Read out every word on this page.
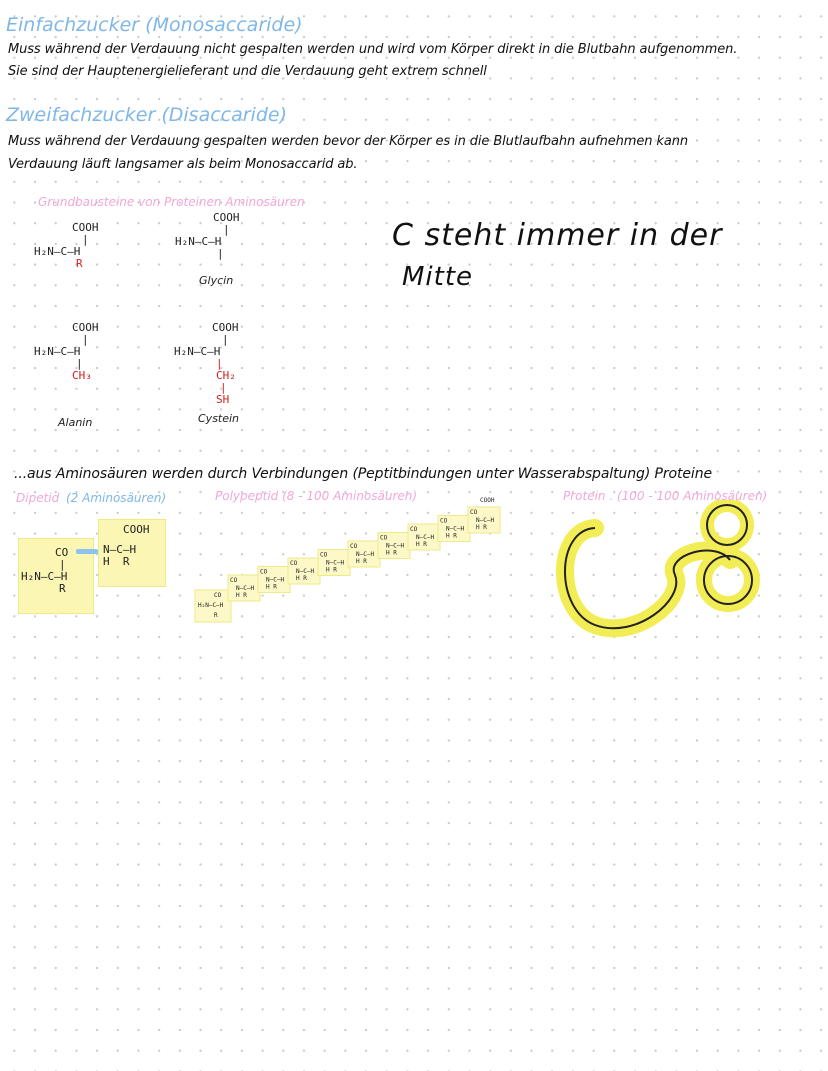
Einfachzucker (Monosaccaride)
Muss während der Verdauung nicht gespalten werden und wird vom Körper direkt in die Blutbahn aufgenommen.
Sie sind der Hauptenergielieferant und die Verdauung geht extrem schnell
Zweifachzucker (Disaccaride)
Muss während der Verdauung gespalten werden bevor der Körper es in die Blutlaufbahn aufnehmen kann
Verdauung läuft langsamer als beim Monosaccarid ab.
Grundbausteine von Proteinen Aminosäuren
COOH
|
H₂N—C—H
R
COOH
|
H₂N—C—H
|
Glycin
COOH
|
H₂N—C—H
|
CH₃
Alanin
COOH
|
H₂N—C—H
|
CH₂
|
SH
Cystein
C steht immer in der
Mitte
...aus Aminosäuren werden durch Verbindungen (Peptitbindungen unter Wasserabspaltung) Proteine
Dipetid (2 Aminosäuren)	Polypeptid (8 - 100 Aminosäuren)	Protein . (100 - 100 Aminosäuren)
CO
|
H₂N—C—H
R
COOH
N—C—H
H  R
CO
H₂N—C—H
R
CO
N—C—H
H R
CO
N—C—H
H R
CO
N—C—H
H R
CO
N—C—H
H R
CO
N—C—H
H R
CO
N—C—H
H R
CO
N—C—H
H R
CO
N—C—H
H R
CO
N—C—H
H R
COOH
